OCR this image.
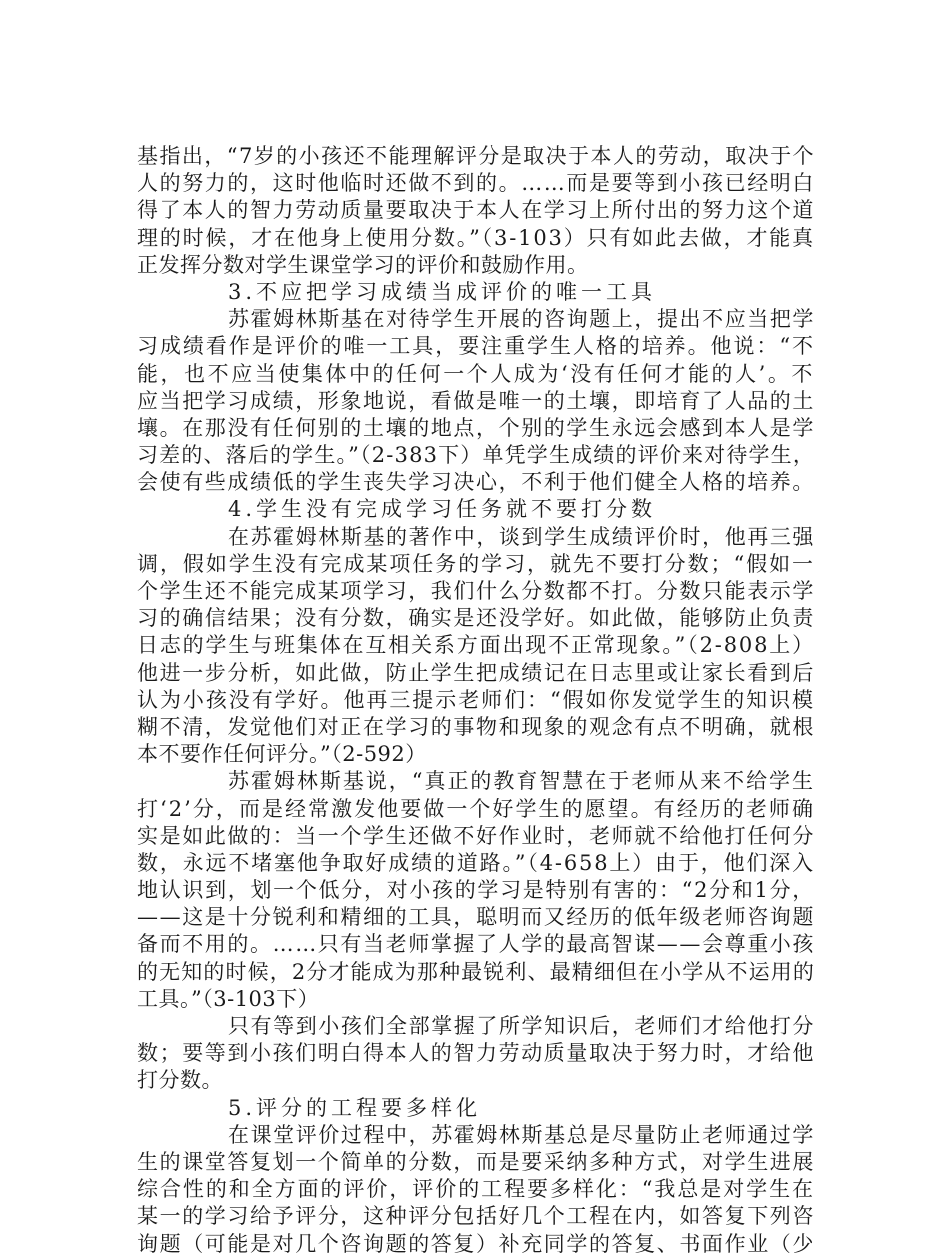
基指出，“7岁的小孩还不能理解评分是取决于本人的劳动，取决于个
人的努力的，这时他临时还做不到的。……而是要等到小孩已经明白
得了本人的智力劳动质量要取决于本人在学习上所付出的努力这个道
理的时候，才在他身上使用分数。”（3-103）只有如此去做，才能真
正发挥分数对学生课堂学习的评价和鼓励作用。
3.不应把学习成绩当成评价的唯一工具
苏霍姆林斯基在对待学生开展的咨询题上，提出不应当把学
习成绩看作是评价的唯一工具，要注重学生人格的培养。他说：“不
能，也不应当使集体中的任何一个人成为‘没有任何才能的人’。不
应当把学习成绩，形象地说，看做是唯一的土壤，即培育了人品的土
壤。在那没有任何别的土壤的地点，个别的学生永远会感到本人是学
习差的、落后的学生。”（2-383下）单凭学生成绩的评价来对待学生，
会使有些成绩低的学生丧失学习决心，不利于他们健全人格的培养。
4.学生没有完成学习任务就不要打分数
在苏霍姆林斯基的著作中，谈到学生成绩评价时，他再三强
调，假如学生没有完成某项任务的学习，就先不要打分数；“假如一
个学生还不能完成某项学习，我们什么分数都不打。分数只能表示学
习的确信结果；没有分数，确实是还没学好。如此做，能够防止负责
日志的学生与班集体在互相关系方面出现不正常现象。”（2-808上）
他进一步分析，如此做，防止学生把成绩记在日志里或让家长看到后
认为小孩没有学好。他再三提示老师们：“假如你发觉学生的知识模
糊不清，发觉他们对正在学习的事物和现象的观念有点不明确，就根
本不要作任何评分。”（2-592）
苏霍姆林斯基说，“真正的教育智慧在于老师从来不给学生
打‘2’分，而是经常激发他要做一个好学生的愿望。有经历的老师确
实是如此做的：当一个学生还做不好作业时，老师就不给他打任何分
数，永远不堵塞他争取好成绩的道路。”（4-658上）由于，他们深入
地认识到，划一个低分，对小孩的学习是特别有害的：“2分和1分，
——这是十分锐利和精细的工具，聪明而又经历的低年级老师咨询题
备而不用的。……只有当老师掌握了人学的最高智谋——会尊重小孩
的无知的时候，2分才能成为那种最锐利、最精细但在小学从不运用的
工具。”（3-103下）
只有等到小孩们全部掌握了所学知识后，老师们才给他打分
数；要等到小孩们明白得本人的智力劳动质量取决于努力时，才给他
打分数。
5.评分的工程要多样化
在课堂评价过程中，苏霍姆林斯基总是尽量防止老师通过学
生的课堂答复划一个简单的分数，而是要采纳多种方式，对学生进展
综合性的和全方面的评价，评价的工程要多样化：“我总是对学生在
某一的学习给予评分，这种评分包括好几个工程在内，如答复下列咨
询题（可能是对几个咨询题的答复）补充同学的答复、书面作业（少
